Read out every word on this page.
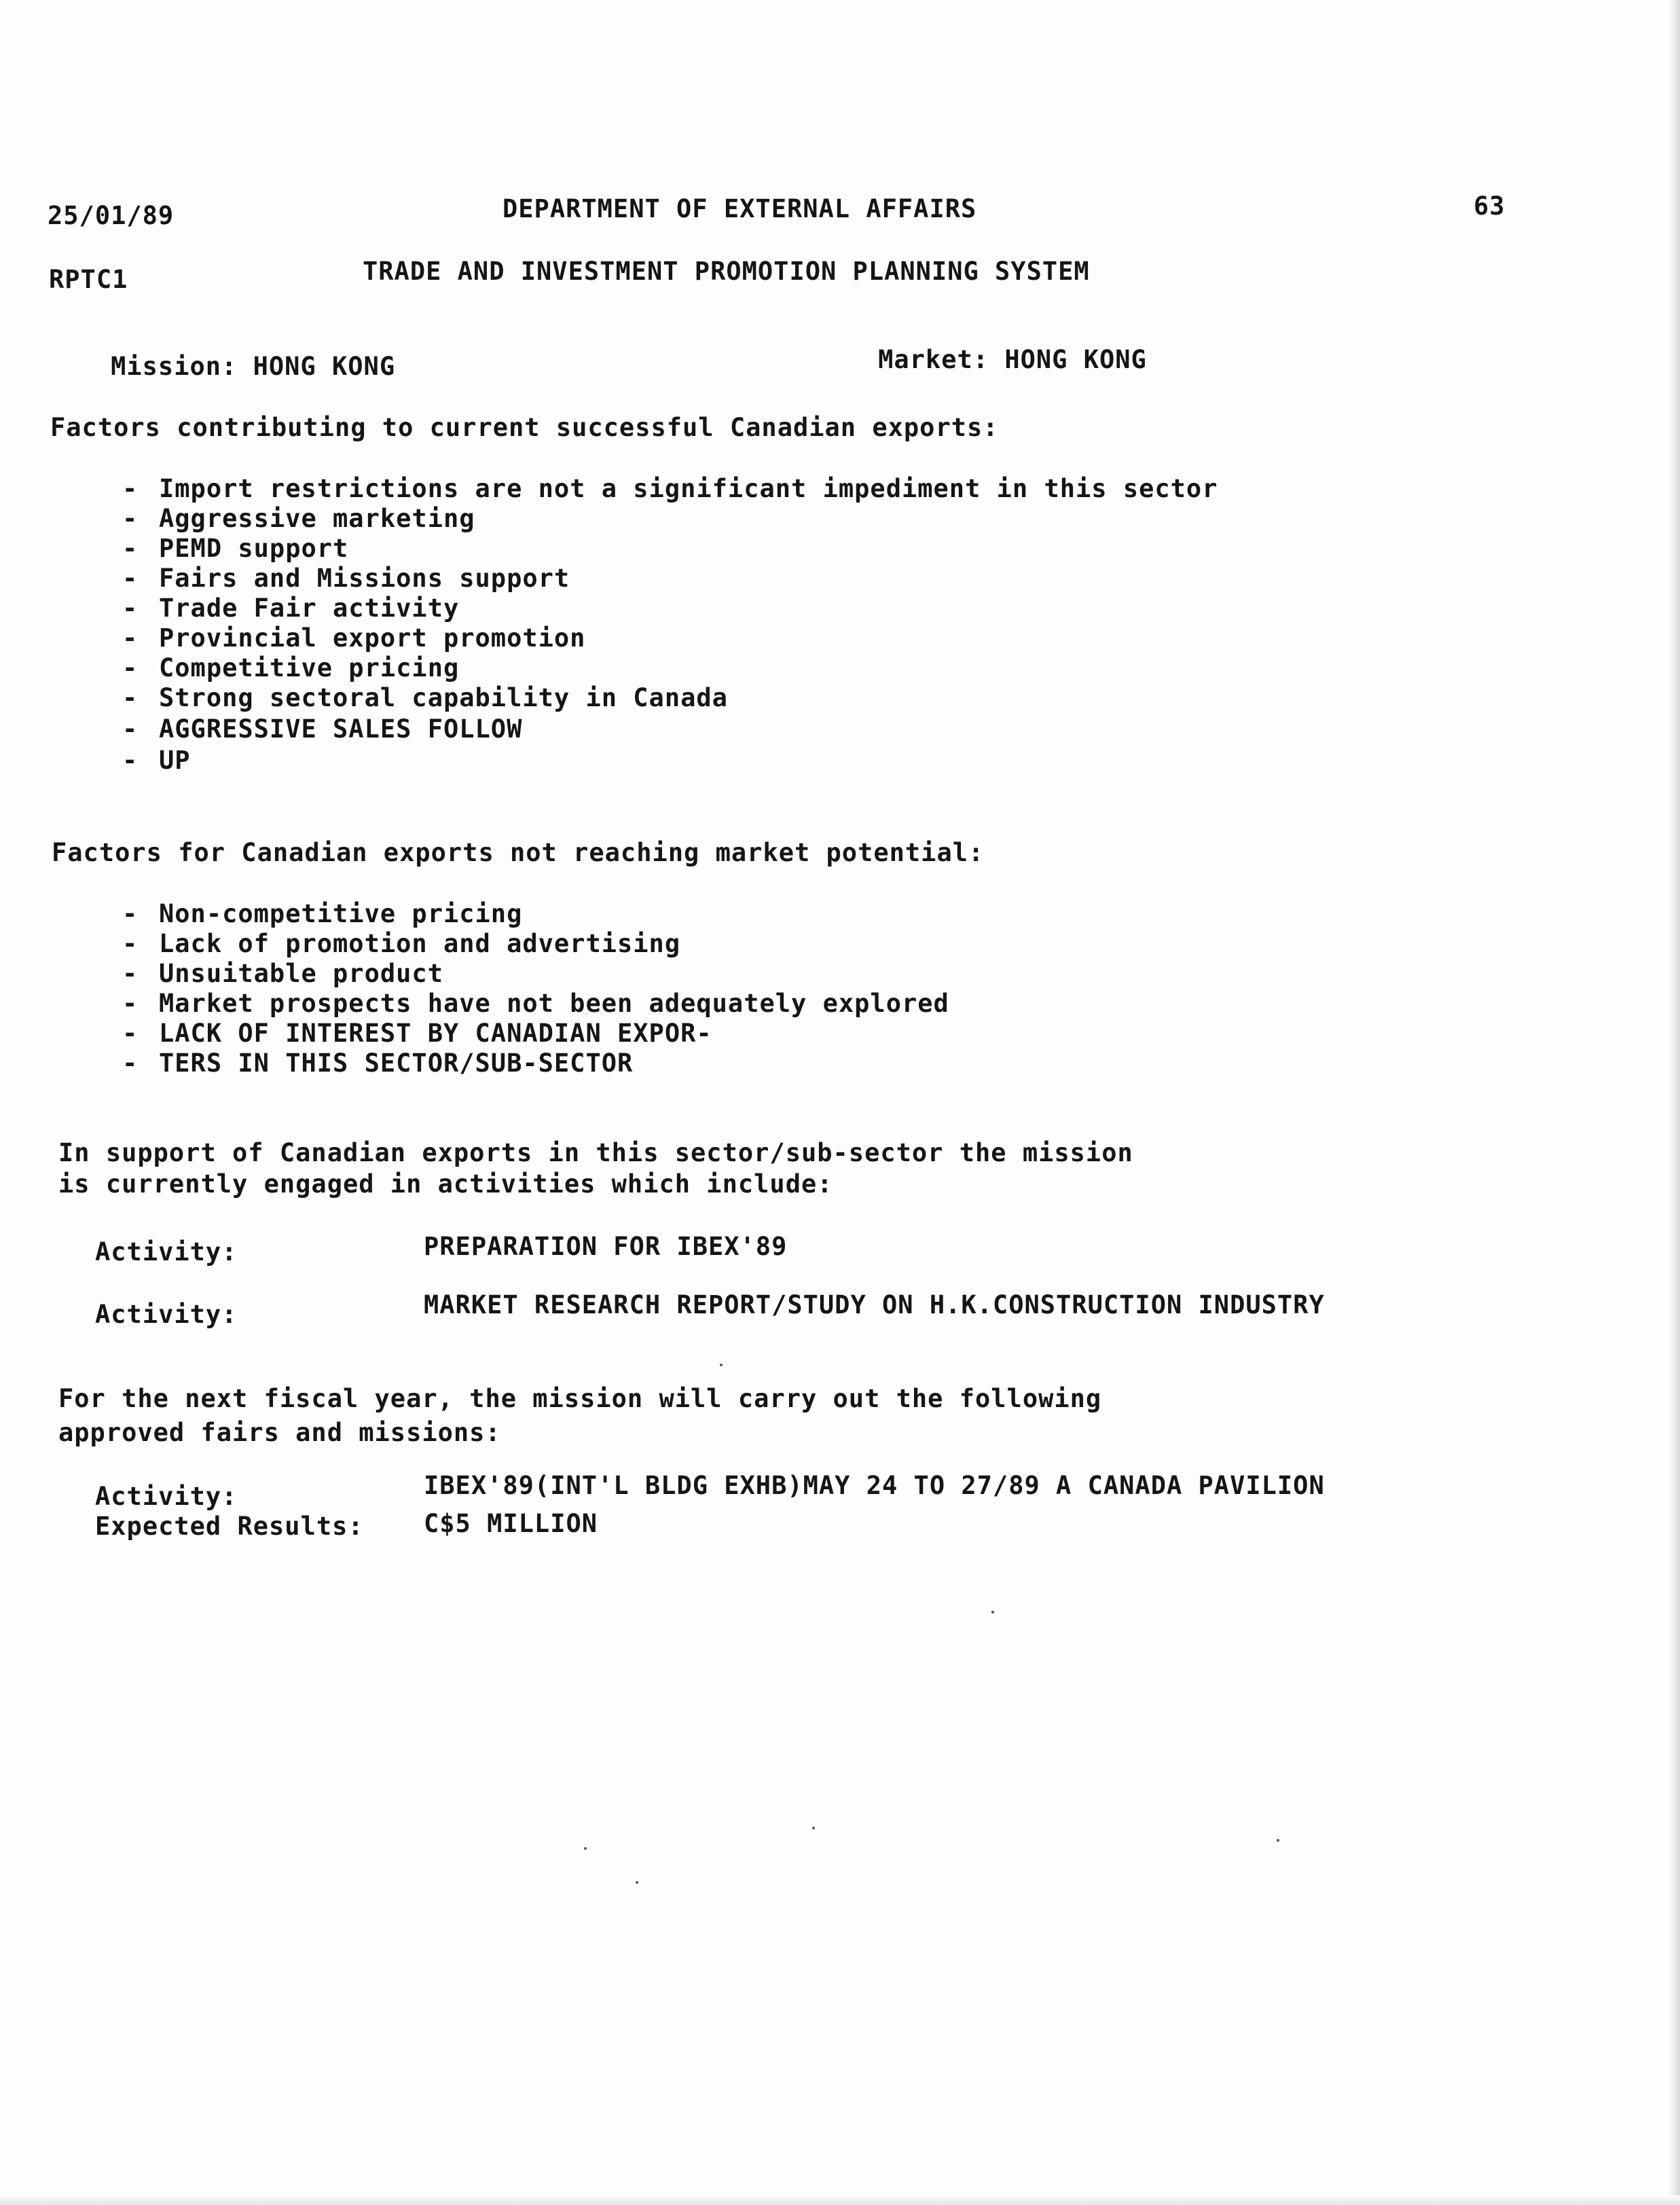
25/01/89	DEPARTMENT OF EXTERNAL AFFAIRS	63
RPTC1	TRADE AND INVESTMENT PROMOTION PLANNING SYSTEM

Mission: HONG KONG
	Market: HONG KONG

Factors contributing to current successful Canadian exports:
- Import restrictions are not a significant impediment in this sector
- Aggressive marketing
- PEMD support
- Fairs and Missions support
- Trade Fair activity
- Provincial export promotion
- Competitive pricing
- Strong sectoral capability in Canada
- AGGRESSIVE SALES FOLLOW
- UP
Factors for Canadian exports not reaching market potential:
- Non-competitive pricing
- Lack of promotion and advertising
- Unsuitable product
- Market prospects have not been adequately explored
- LACK OF INTEREST BY CANADIAN EXPOR-
- TERS IN THIS SECTOR/SUB-SECTOR
In support of Canadian exports in this sector/sub-sector the mission
is currently engaged in activities which include:
Activity:	PREPARATION FOR IBEX'89
Activity:	MARKET RESEARCH REPORT/STUDY ON H.K.CONSTRUCTION INDUSTRY
For the next fiscal year, the mission will carry out the following
approved fairs and missions:
Activity:	IBEX'89(INT'L BLDG EXHB)MAY 24 TO 27/89 A CANADA PAVILION
Expected Results: C$5 MILLION
